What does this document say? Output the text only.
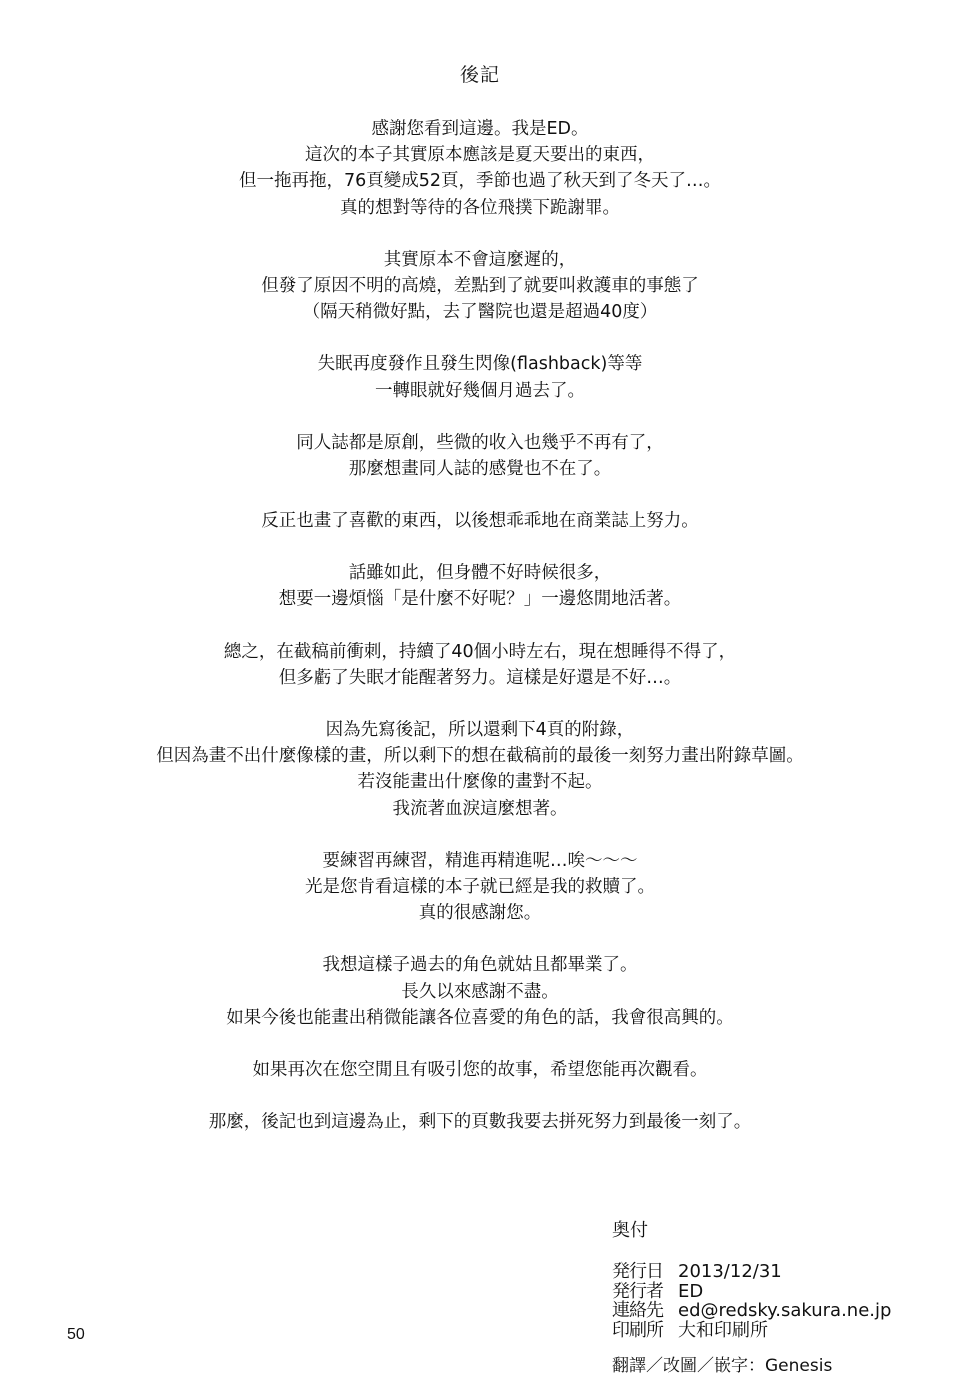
後記
感謝您看到這邊。我是ED。
這次的本子其實原本應該是夏天要出的東西，
但一拖再拖，76頁變成52頁，季節也過了秋天到了冬天了…。
真的想對等待的各位飛撲下跪謝罪。
其實原本不會這麼遲的，
但發了原因不明的高燒，差點到了就要叫救護車的事態了
（隔天稍微好點，去了醫院也還是超過40度）
失眠再度發作且發生閃像(flashback)等等
一轉眼就好幾個月過去了。
同人誌都是原創，些微的收入也幾乎不再有了，
那麼想畫同人誌的感覺也不在了。
反正也畫了喜歡的東西，以後想乖乖地在商業誌上努力。
話雖如此，但身體不好時候很多，
想要一邊煩惱「是什麼不好呢？」一邊悠閒地活著。
總之，在截稿前衝刺，持續了40個小時左右，現在想睡得不得了，
但多虧了失眠才能醒著努力。這樣是好還是不好…。
因為先寫後記，所以還剩下4頁的附錄，
但因為畫不出什麼像樣的畫，所以剩下的想在截稿前的最後一刻努力畫出附錄草圖。
若沒能畫出什麼像的畫對不起。
我流著血淚這麼想著。
要練習再練習，精進再精進呢…唉～～～
光是您肯看這樣的本子就已經是我的救贖了。
真的很感謝您。
我想這樣子過去的角色就姑且都畢業了。
長久以來感謝不盡。
如果今後也能畫出稍微能讓各位喜愛的角色的話，我會很高興的。
如果再次在您空閒且有吸引您的故事，希望您能再次觀看。
那麼，後記也到這邊為止，剩下的頁數我要去拼死努力到最後一刻了。
奥付
発行日 2013/12/31
発行者 ED
連絡先 ed@redsky.sakura.ne.jp
印刷所 大和印刷所
翻譯／改圖／嵌字：Genesis
50
